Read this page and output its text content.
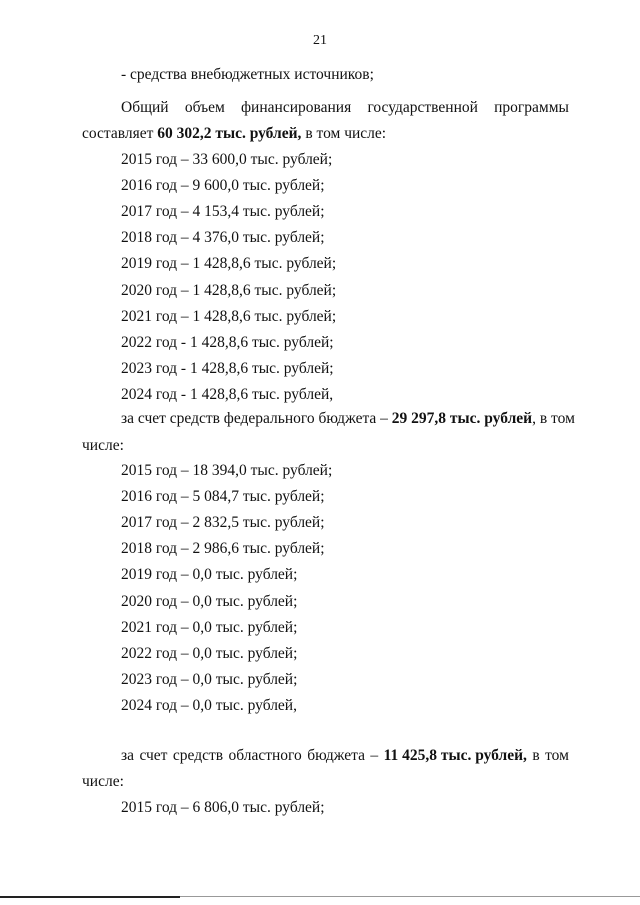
21
- средства внебюджетных источников;
Общий объем финансирования государственной программы
составляет 60 302,2 тыс. рублей, в том числе:
2015 год – 33 600,0 тыс. рублей;
2016 год – 9 600,0 тыс. рублей;
2017 год – 4 153,4 тыс. рублей;
2018 год – 4 376,0 тыс. рублей;
2019 год – 1 428,8,6 тыс. рублей;
2020 год – 1 428,8,6 тыс. рублей;
2021 год – 1 428,8,6 тыс. рублей;
2022 год - 1 428,8,6 тыс. рублей;
2023 год - 1 428,8,6 тыс. рублей;
2024 год - 1 428,8,6 тыс. рублей,
за счет средств федерального бюджета – 29 297,8 тыс. рублей, в том
числе:
2015 год – 18 394,0 тыс. рублей;
2016 год – 5 084,7 тыс. рублей;
2017 год – 2 832,5 тыс. рублей;
2018 год – 2 986,6 тыс. рублей;
2019 год – 0,0 тыс. рублей;
2020 год – 0,0 тыс. рублей;
2021 год – 0,0 тыс. рублей;
2022 год – 0,0 тыс. рублей;
2023 год – 0,0 тыс. рублей;
2024 год – 0,0 тыс. рублей,
за счет средств областного бюджета – 11 425,8 тыс. рублей, в том
числе:
2015 год – 6 806,0 тыс. рублей;
